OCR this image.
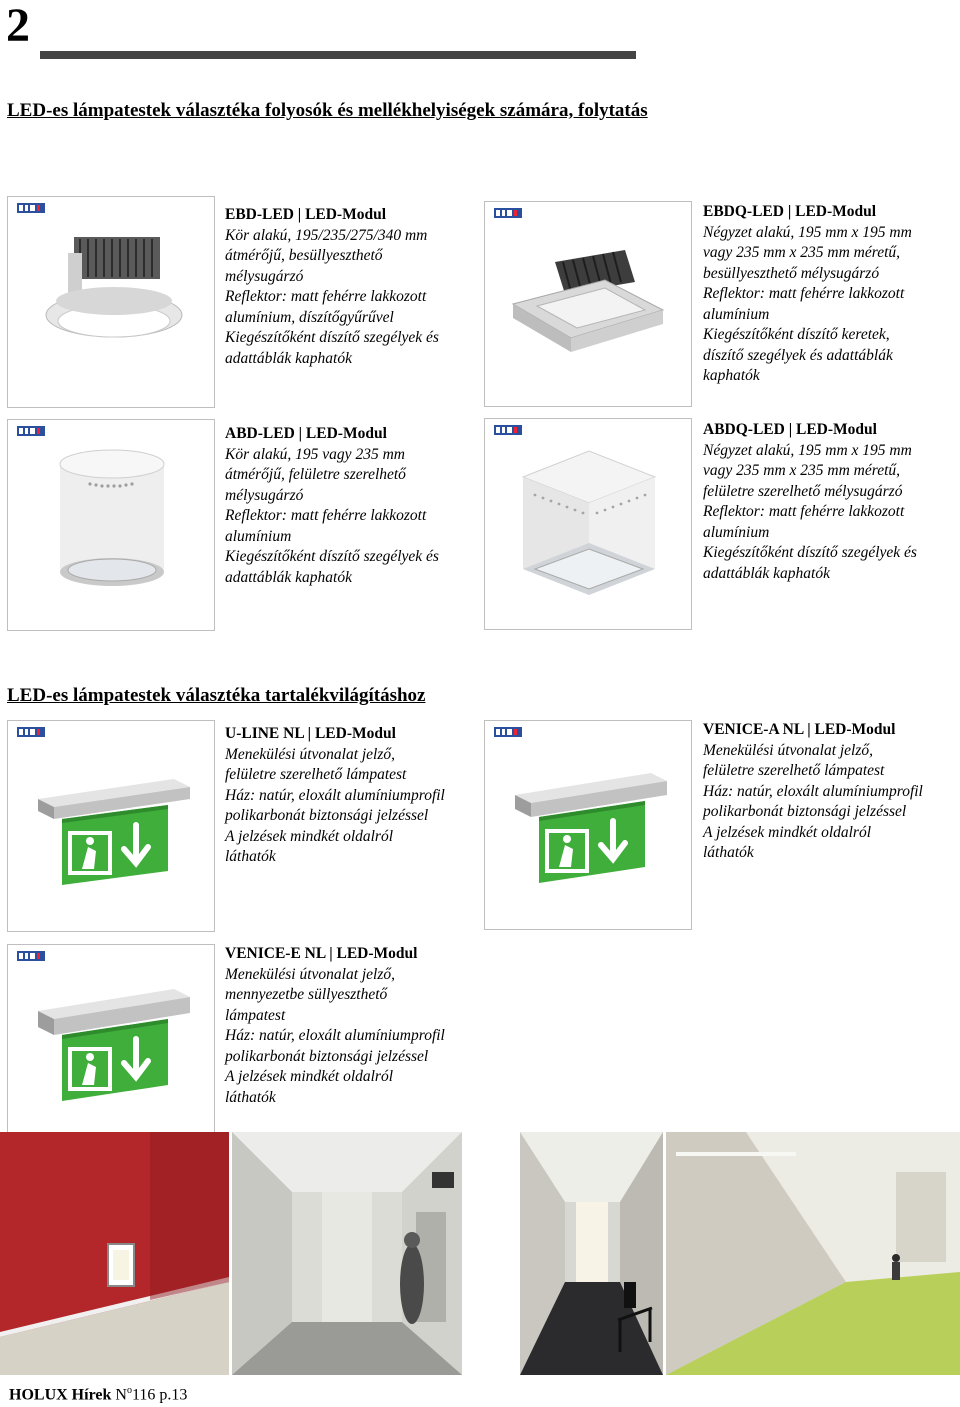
2
LED-es lámpatestek választéka folyosók és mellékhelyiségek számára, folytatás
EBD-LED | LED-Modul
Kör alakú, 195/235/275/340 mm
átmérőjű, besüllyeszthető
mélysugárzó
Reflektor: matt fehérre lakkozott
alumínium, díszítőgyűrűvel
Kiegészítőként díszítő szegélyek és
adattáblák kaphatók
EBDQ-LED | LED-Modul
Négyzet alakú, 195 mm x 195 mm
vagy 235 mm x 235 mm méretű,
besüllyeszthető mélysugárzó
Reflektor: matt fehérre lakkozott
alumínium
Kiegészítőként díszítő keretek,
díszítő szegélyek és adattáblák
kaphatók
ABD-LED | LED-Modul
Kör alakú, 195 vagy 235 mm
átmérőjű, felületre szerelhető
mélysugárzó
Reflektor: matt fehérre lakkozott
alumínium
Kiegészítőként díszítő szegélyek és
adattáblák kaphatók
ABDQ-LED | LED-Modul
Négyzet alakú, 195 mm x 195 mm
vagy 235 mm x 235 mm méretű,
felületre szerelhető mélysugárzó
Reflektor: matt fehérre lakkozott
alumínium
Kiegészítőként díszítő szegélyek és
adattáblák kaphatók
LED-es lámpatestek választéka tartalékvilágításhoz
U-LINE NL | LED-Modul
Menekülési útvonalat jelző,
felületre szerelhető lámpatest
Ház: natúr, eloxált alumíniumprofil
polikarbonát biztonsági jelzéssel
A jelzések mindkét oldalról
láthatók
VENICE-A NL | LED-Modul
Menekülési útvonalat jelző,
felületre szerelhető lámpatest
Ház: natúr, eloxált alumíniumprofil
polikarbonát biztonsági jelzéssel
A jelzések mindkét oldalról
láthatók
VENICE-E NL | LED-Modul
Menekülési útvonalat jelző,
mennyezetbe süllyeszthető
lámpatest
Ház: natúr, eloxált alumíniumprofil
polikarbonát biztonsági jelzéssel
A jelzések mindkét oldalról
láthatók
HOLUX Hírek $N^o116$ p.13
